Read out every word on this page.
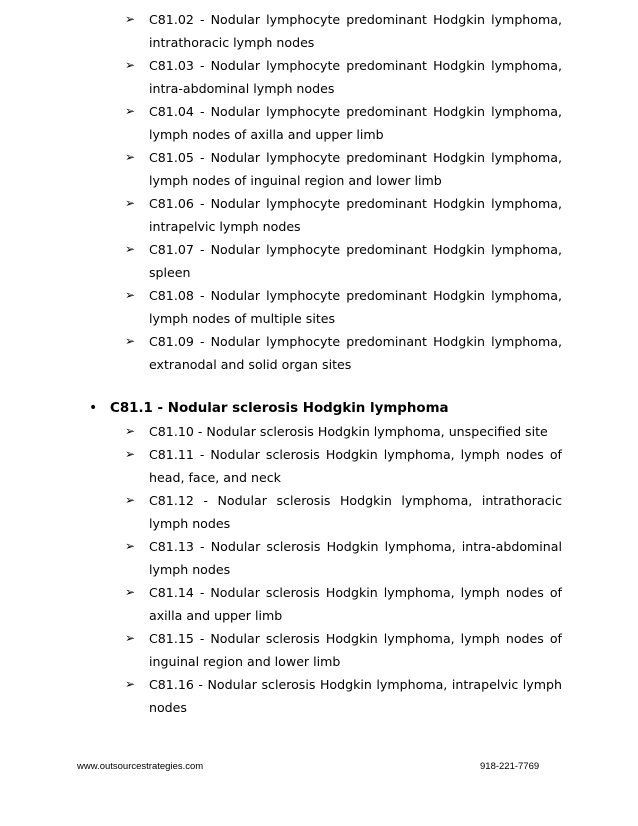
➢ C81.02 - Nodular lymphocyte predominant Hodgkin lymphoma, intrathoracic lymph nodes
➢ C81.03 - Nodular lymphocyte predominant Hodgkin lymphoma, intra-abdominal lymph nodes
➢ C81.04 - Nodular lymphocyte predominant Hodgkin lymphoma, lymph nodes of axilla and upper limb
➢ C81.05 - Nodular lymphocyte predominant Hodgkin lymphoma, lymph nodes of inguinal region and lower limb
➢ C81.06 - Nodular lymphocyte predominant Hodgkin lymphoma, intrapelvic lymph nodes
➢ C81.07 - Nodular lymphocyte predominant Hodgkin lymphoma, spleen
➢ C81.08 - Nodular lymphocyte predominant Hodgkin lymphoma, lymph nodes of multiple sites
➢ C81.09 - Nodular lymphocyte predominant Hodgkin lymphoma, extranodal and solid organ sites
• C81.1 - Nodular sclerosis Hodgkin lymphoma
➢ C81.10 - Nodular sclerosis Hodgkin lymphoma, unspecified site
➢ C81.11 - Nodular sclerosis Hodgkin lymphoma, lymph nodes of head, face, and neck
➢ C81.12 - Nodular sclerosis Hodgkin lymphoma, intrathoracic lymph nodes
➢ C81.13 - Nodular sclerosis Hodgkin lymphoma, intra-abdominal lymph nodes
➢ C81.14 - Nodular sclerosis Hodgkin lymphoma, lymph nodes of axilla and upper limb
➢ C81.15 - Nodular sclerosis Hodgkin lymphoma, lymph nodes of inguinal region and lower limb
➢ C81.16 - Nodular sclerosis Hodgkin lymphoma, intrapelvic lymph nodes
www.outsourcestrategies.com	918-221-7769
